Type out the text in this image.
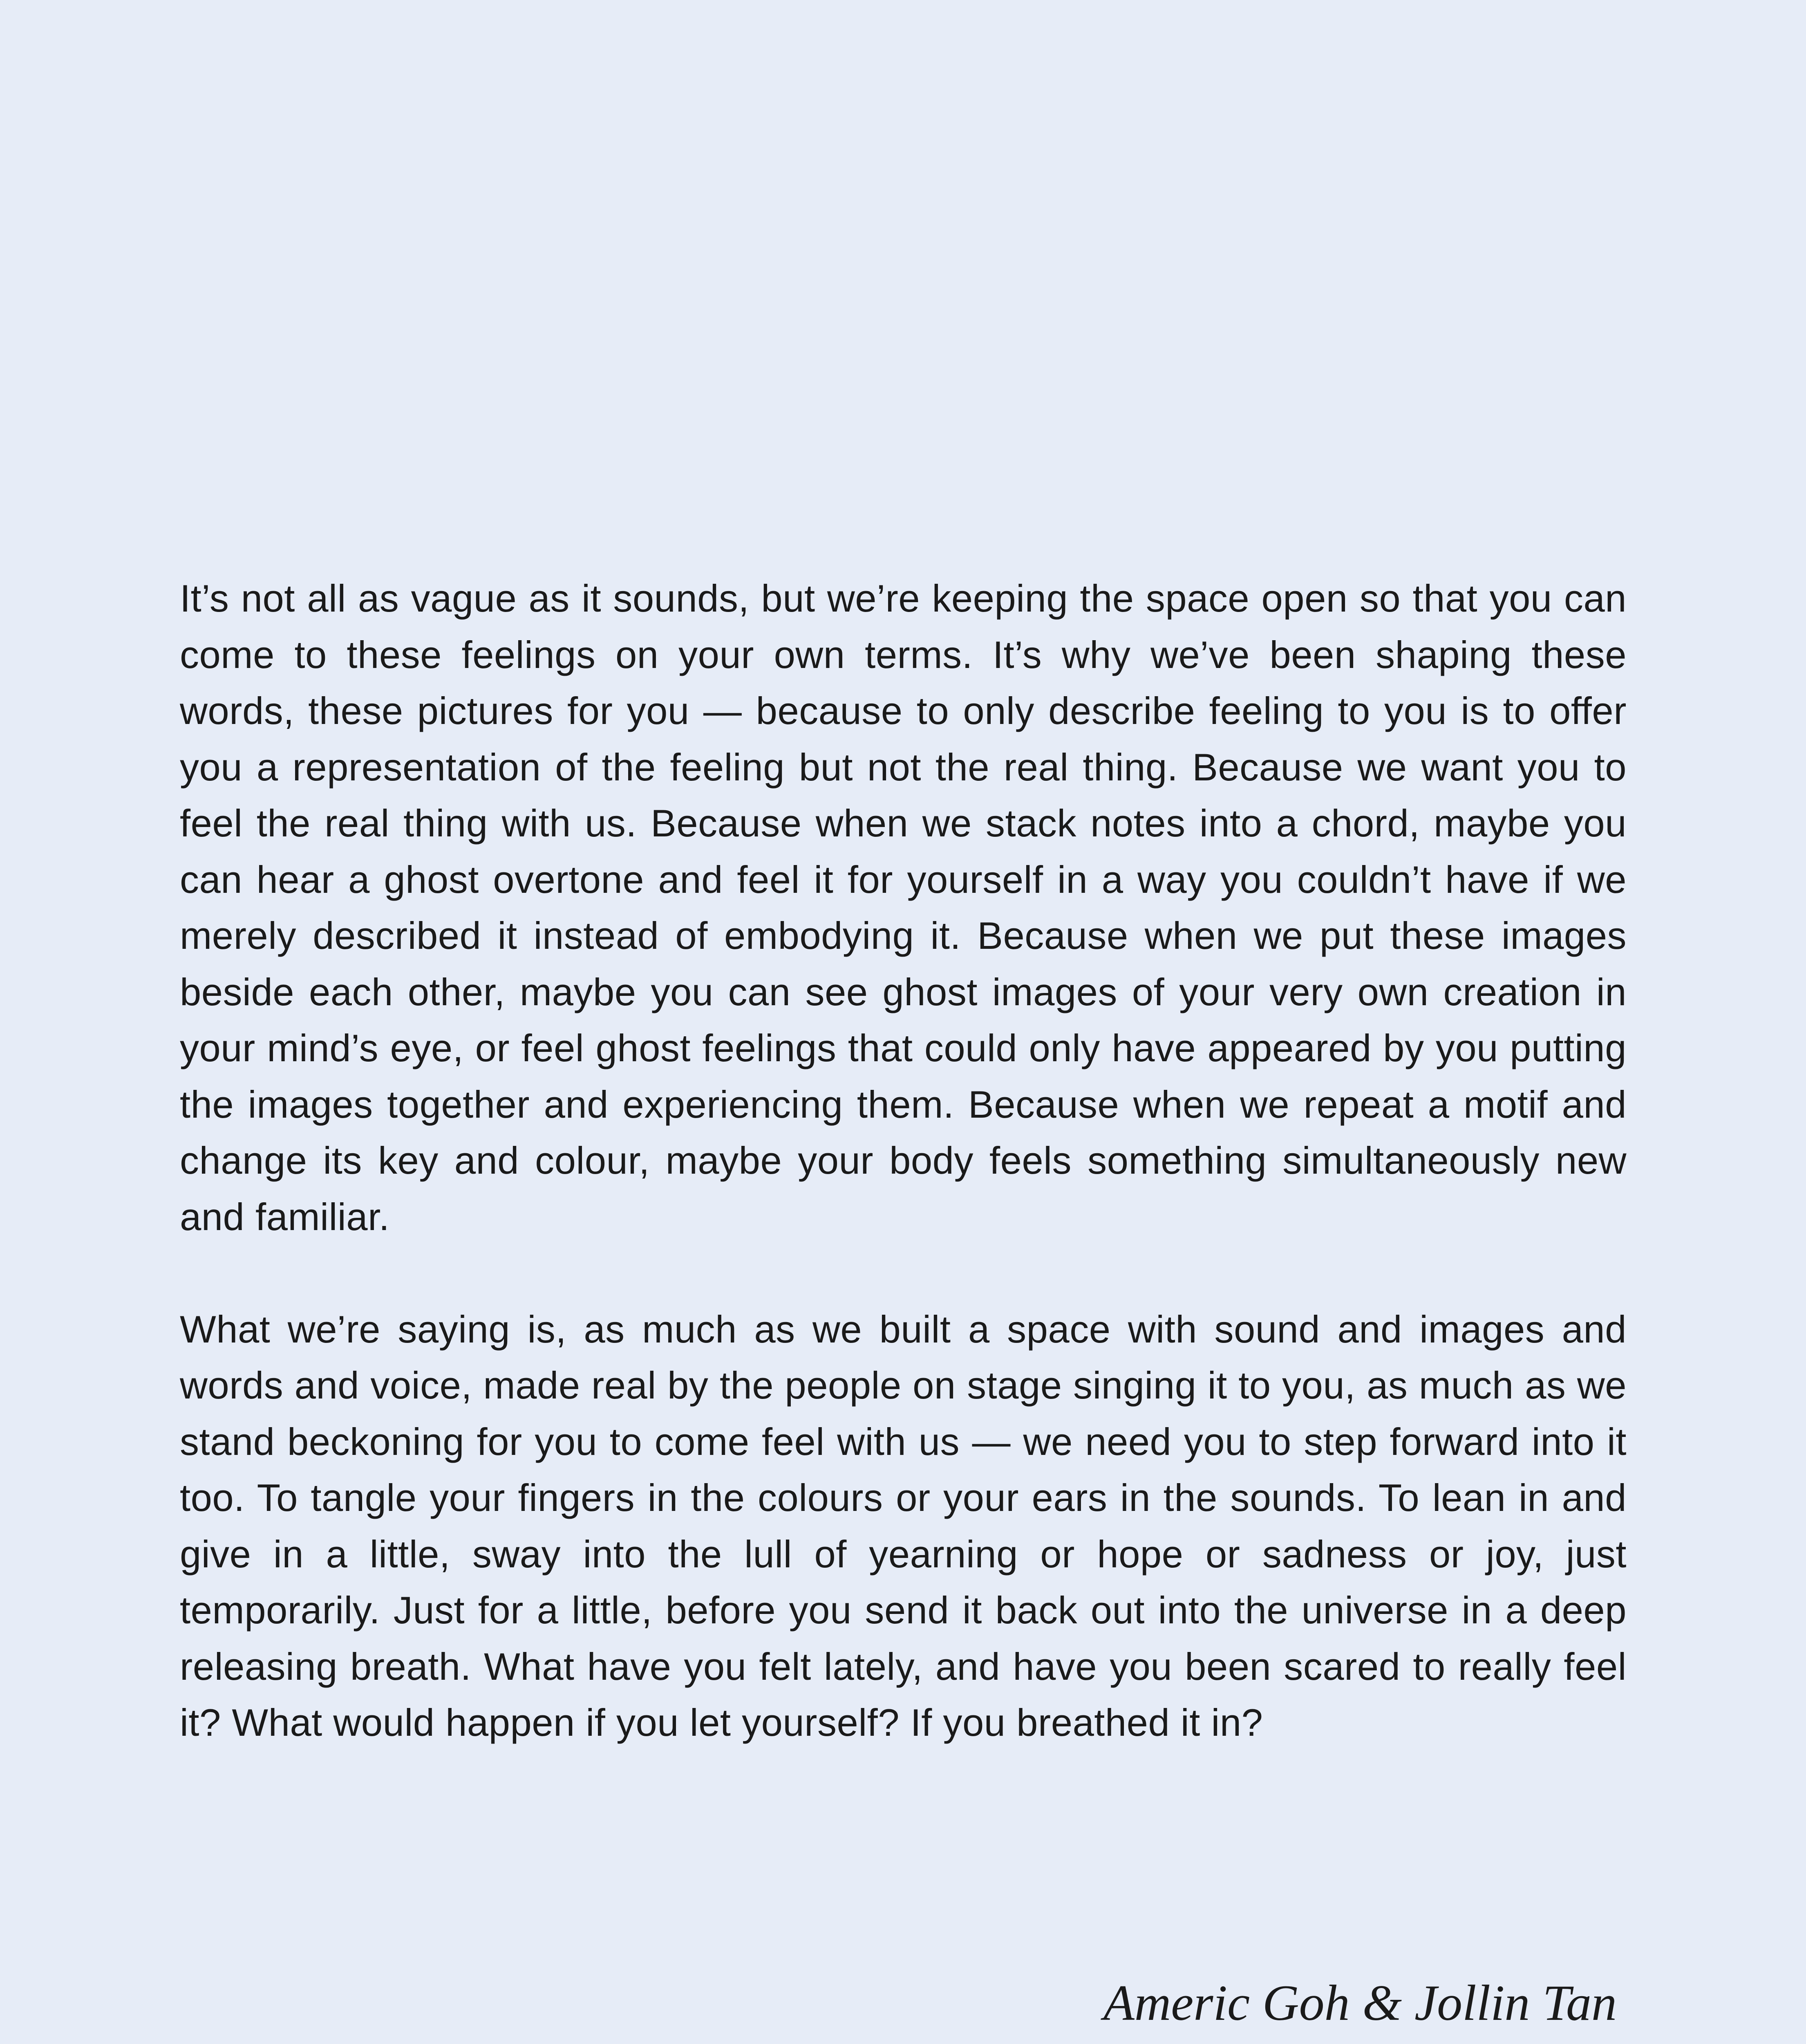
It’s not all as vague as it sounds, but we’re keeping the space open so that you can come to these feelings on your own terms. It’s why we’ve been shaping these words, these pictures for you — because to only describe feeling to you is to offer you a representation of the feeling but not the real thing. Because we want you to feel the real thing with us. Because when we stack notes into a chord, maybe you can hear a ghost overtone and feel it for yourself in a way you couldn’t have if we merely described it instead of embodying it. Because when we put these images beside each other, maybe you can see ghost images of your very own creation in your mind’s eye, or feel ghost feelings that could only have appeared by you putting the images together and experiencing them. Because when we repeat a motif and change its key and colour, maybe your body feels something simultaneously new and familiar.

What we’re saying is, as much as we built a space with sound and images and words and voice, made real by the people on stage singing it to you, as much as we stand beckoning for you to come feel with us — we need you to step forward into it too. To tangle your fingers in the colours or your ears in the sounds. To lean in and give in a little, sway into the lull of yearning or hope or sadness or joy, just temporarily. Just for a little, before you send it back out into the universe in a deep releasing breath. What have you felt lately, and have you been scared to really feel it? What would happen if you let yourself? If you breathed it in?

Americ Goh & Jollin Tan
